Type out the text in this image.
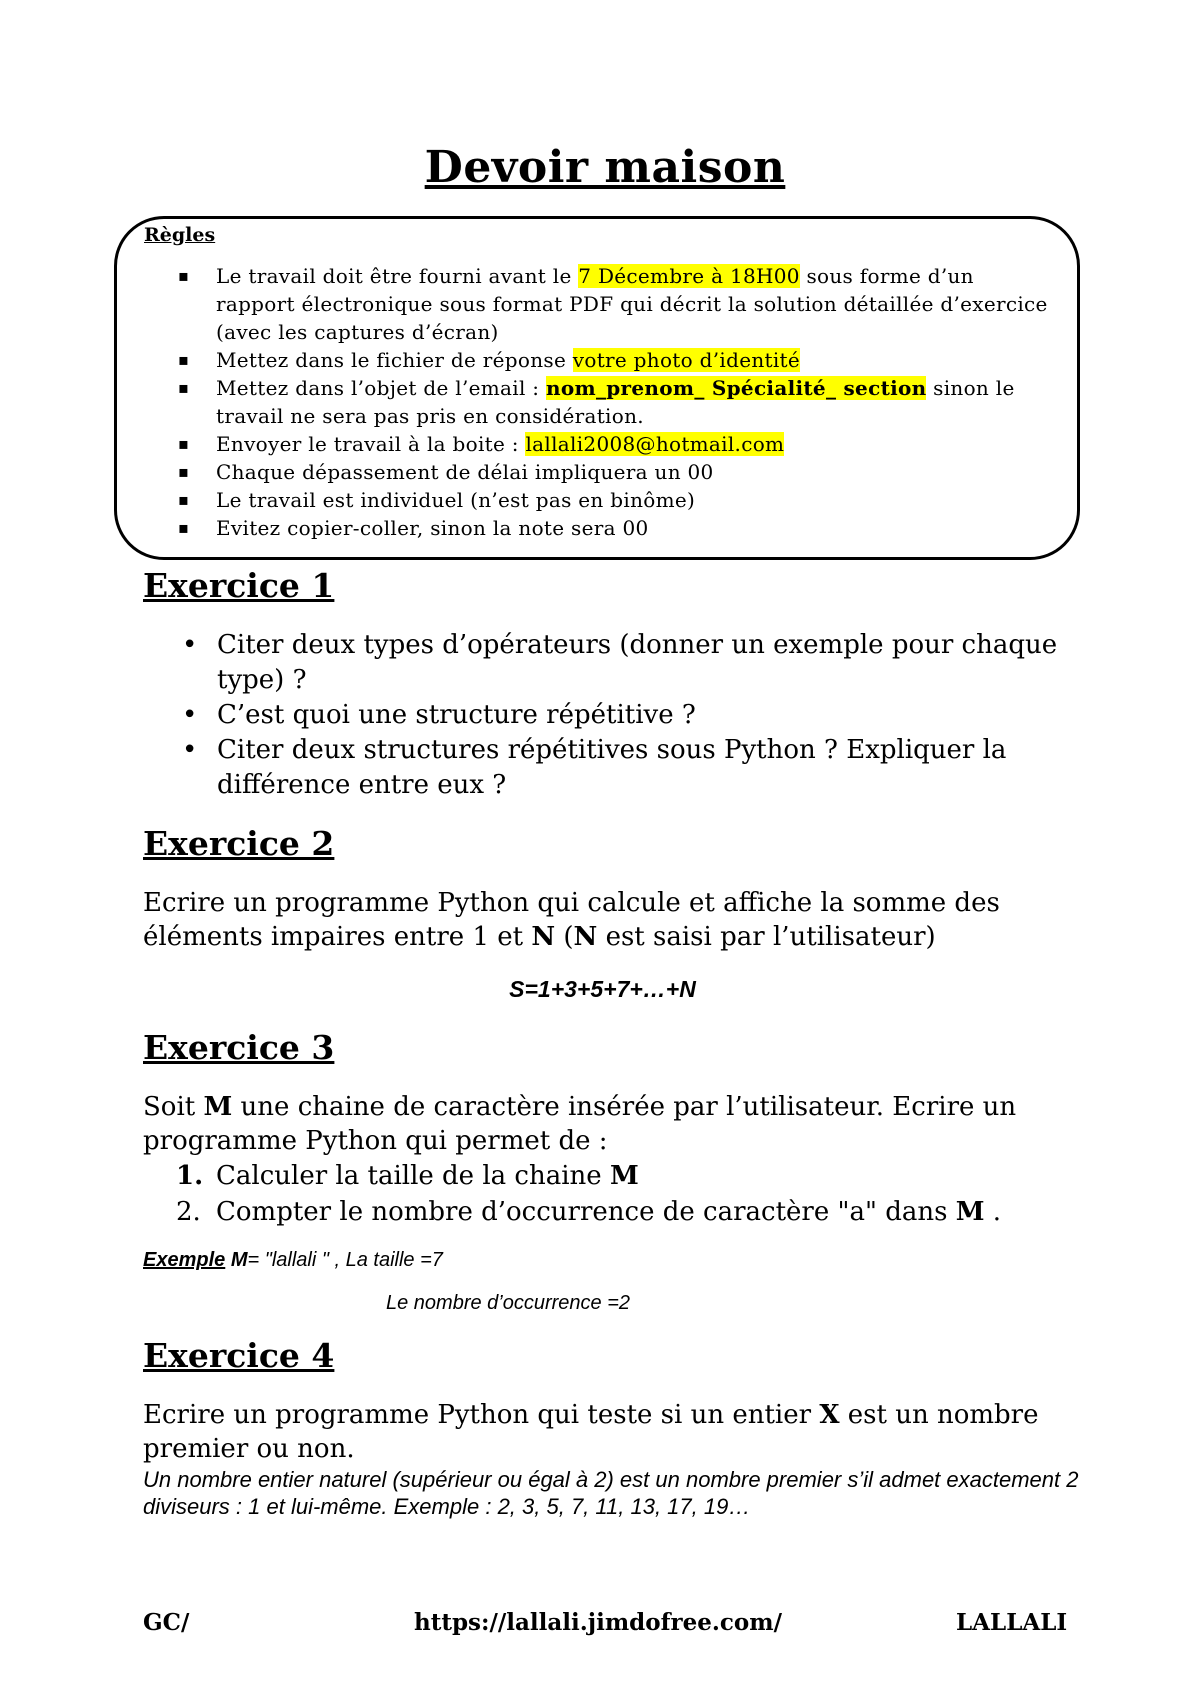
Devoir maison
Règles
▪ Le travail doit être fourni avant le 7 Décembre à 18H00 sous forme d’un rapport électronique sous format PDF qui décrit la solution détaillée d’exercice (avec les captures d’écran)
▪ Mettez dans le fichier de réponse votre photo d’identité
▪ Mettez dans l’objet de l’email : nom_prenom_ Spécialité_ section sinon le travail ne sera pas pris en considération.
▪ Envoyer le travail à la boite : lallali2008@hotmail.com
▪ Chaque dépassement de délai impliquera un 00
▪ Le travail est individuel (n’est pas en binôme)
▪ Evitez copier-coller, sinon la note sera 00
Exercice 1
• Citer deux types d’opérateurs (donner un exemple pour chaque type) ?
• C’est quoi une structure répétitive ?
• Citer deux structures répétitives sous Python ? Expliquer la différence entre eux ?
Exercice 2
Ecrire un programme Python qui calcule et affiche la somme des éléments impaires entre 1 et N (N est saisi par l’utilisateur)
S=1+3+5+7+…+N
Exercice 3
Soit M une chaine de caractère insérée par l’utilisateur. Ecrire un programme Python qui permet de :
1. Calculer la taille de la chaine M
2. Compter le nombre d’occurrence de caractère "a" dans M .
Exemple M= "lallali " , La taille =7
Le nombre d’occurrence =2
Exercice 4
Ecrire un programme Python qui teste si un entier X est un nombre premier ou non.
Un nombre entier naturel (supérieur ou égal à 2) est un nombre premier s’il admet exactement 2 diviseurs : 1 et lui-même. Exemple : 2, 3, 5, 7, 11, 13, 17, 19…
GC/	https://lallali.jimdofree.com/	LALLALI
